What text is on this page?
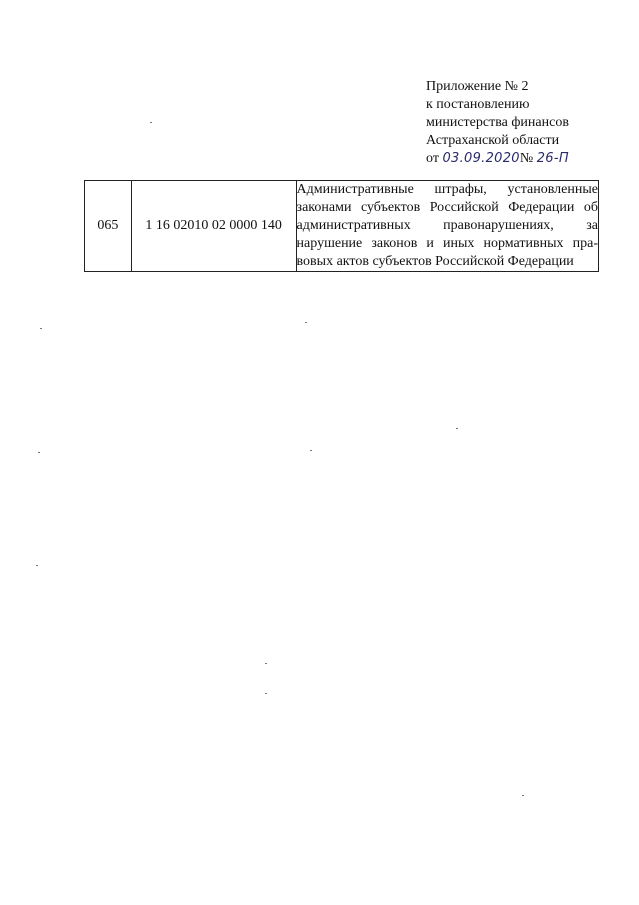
Приложение № 2
к постановлению
министерства финансов
Астраханской области
от 03.09.2020№ 26-П
065	1 16 02010 02 0000 140	
Административные штрафы, установленные
законами субъектов Российской Федерации об
административных правонарушениях, за
нарушение законов и иных нормативных пра-
вовых актов субъектов Российской Федерации
